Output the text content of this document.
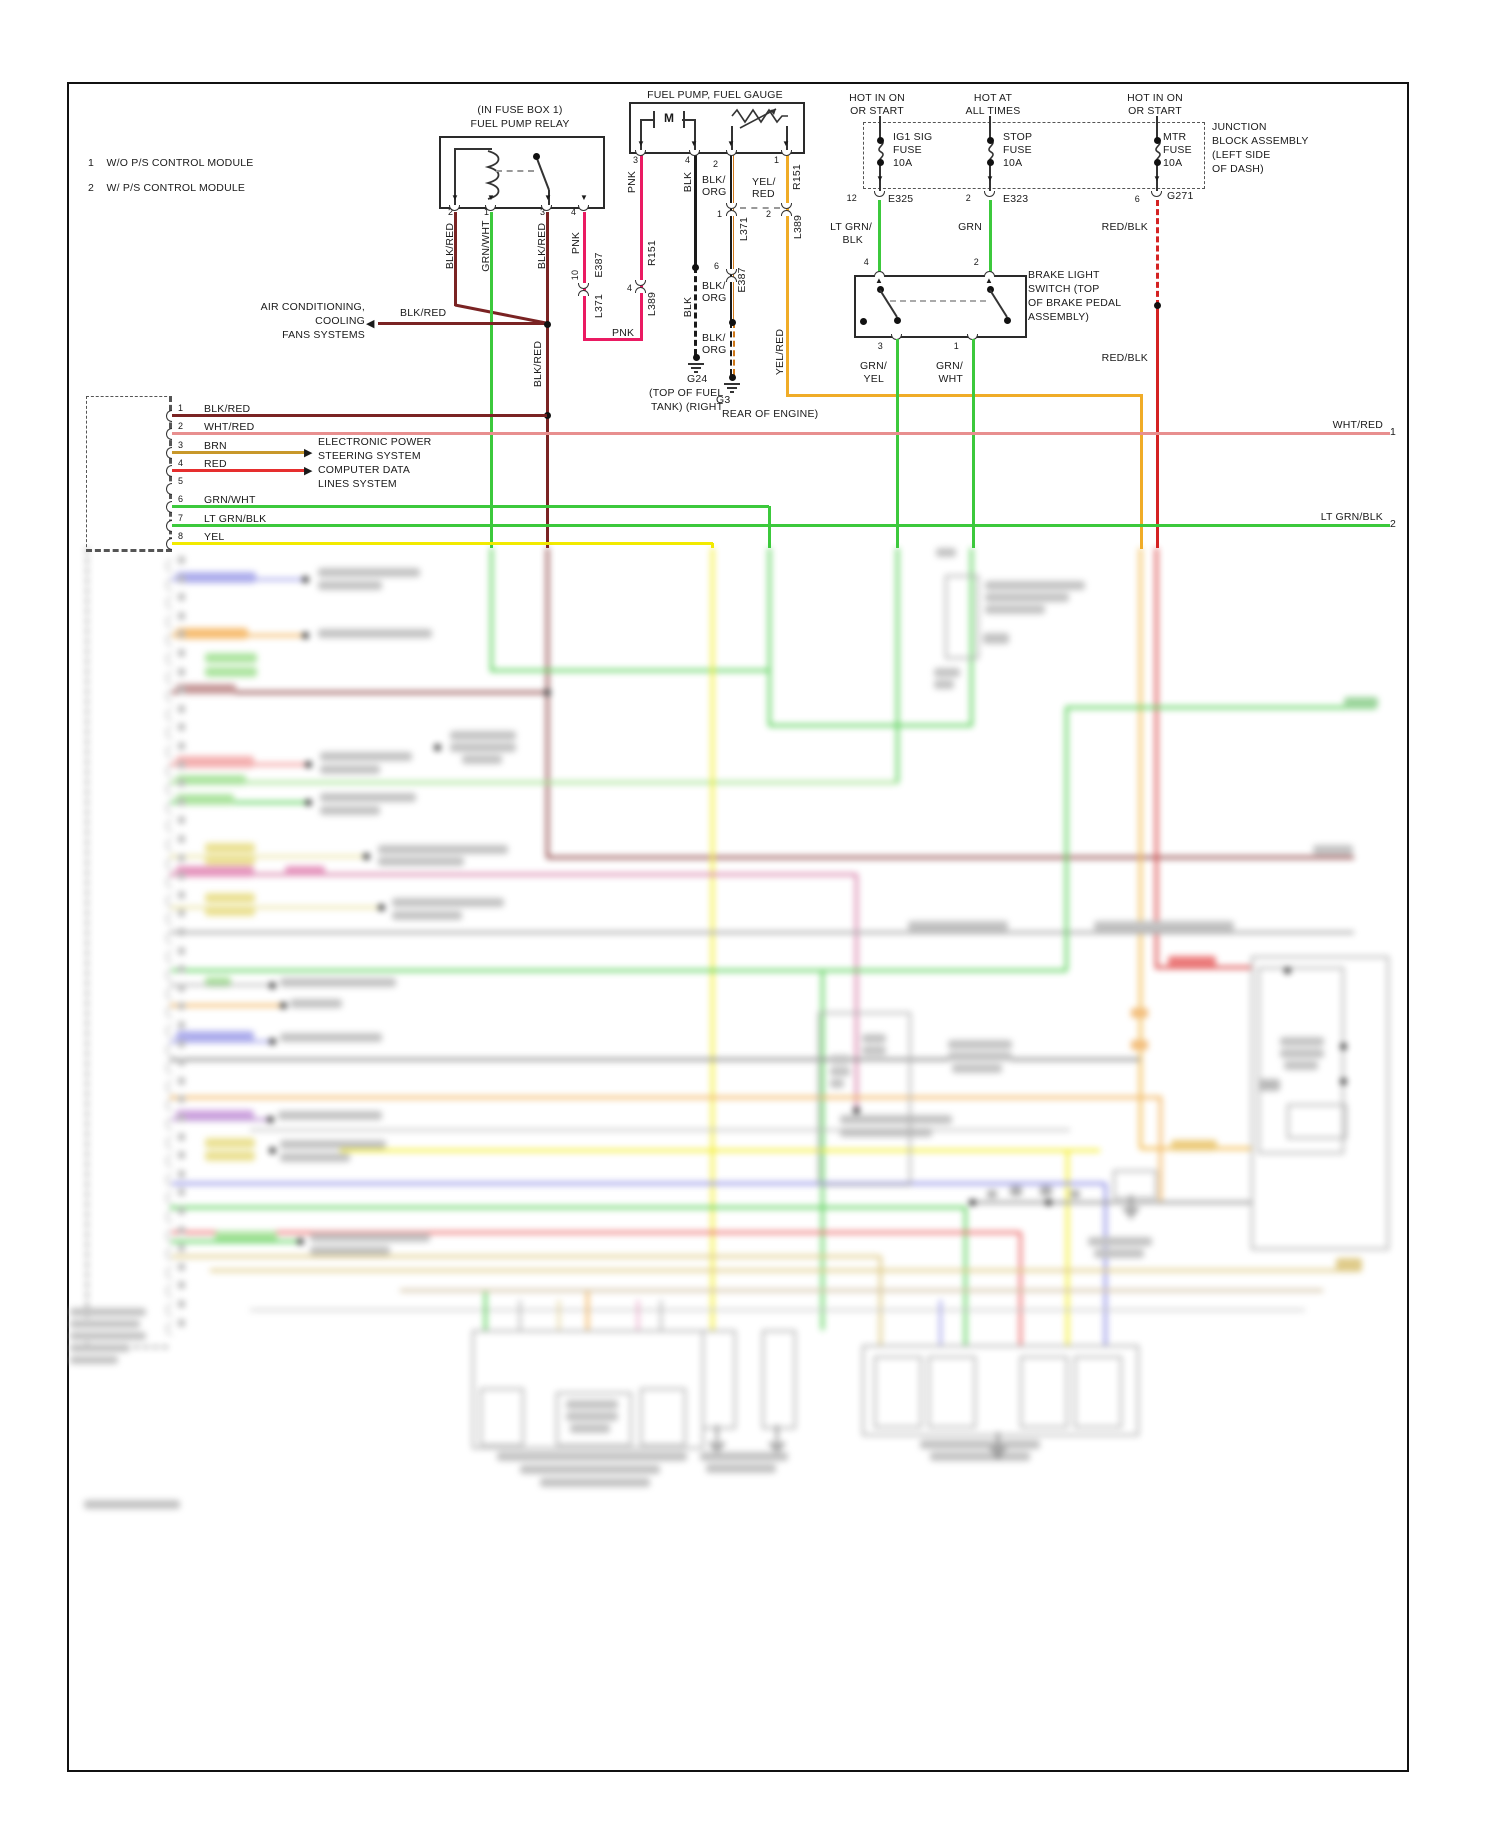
1 W/O P/S CONTROL MODULE
2 W/ P/S CONTROL MODULE
(IN FUSE BOX 1)
FUEL PUMP RELAY
FUEL PUMP, FUEL GAUGE
M
AIR CONDITIONING,
COOLING
FANS SYSTEMS
ELECTRONIC POWER
STEERING SYSTEM
COMPUTER DATA
LINES SYSTEM
BRAKE LIGHT
SWITCH (TOP
OF BRAKE PEDAL
ASSEMBLY)
JUNCTION
BLOCK ASSEMBLY
(LEFT SIDE
OF DASH)
G24
(TOP OF FUEL
TANK) (RIGHT
G3
REAR OF ENGINE)
▼	▼	▼	▼
▼	▼	▼	▼
◀
▼	▼	▼
▲	▲
2	1	3	4
BLK/RED GRN/WHT	BLK/RED PNK
10 E387
L371
PNK
R151
L389
4
BLK/RED
3	4	2	1
PNK	BLK	R151
BLK/
ORG
YEL/
RED
1	2
L371	L389
BLK/
ORG
6
E387
BLK
BLK/
ORG	YEL/RED
HOT IN ON
OR START
HOT AT
ALL TIMES
HOT IN ON
OR START
IG1 SIG
FUSE
10A
STOP
FUSE
10A
MTR
FUSE
10A
12	E325	2	E323	6	G271
LT GRN/
BLK
GRN	RED/BLK
RED/BLK
4	2
3	1
GRN/
YEL
GRN/
WHT
BLK/RED
▶
▶
1
2
3
4
5
6
7
8
BLK/RED
WHT/RED
BRN
RED
GRN/WHT
LT GRN/BLK
YEL
WHT/RED
1
LT GRN/BLK
2
